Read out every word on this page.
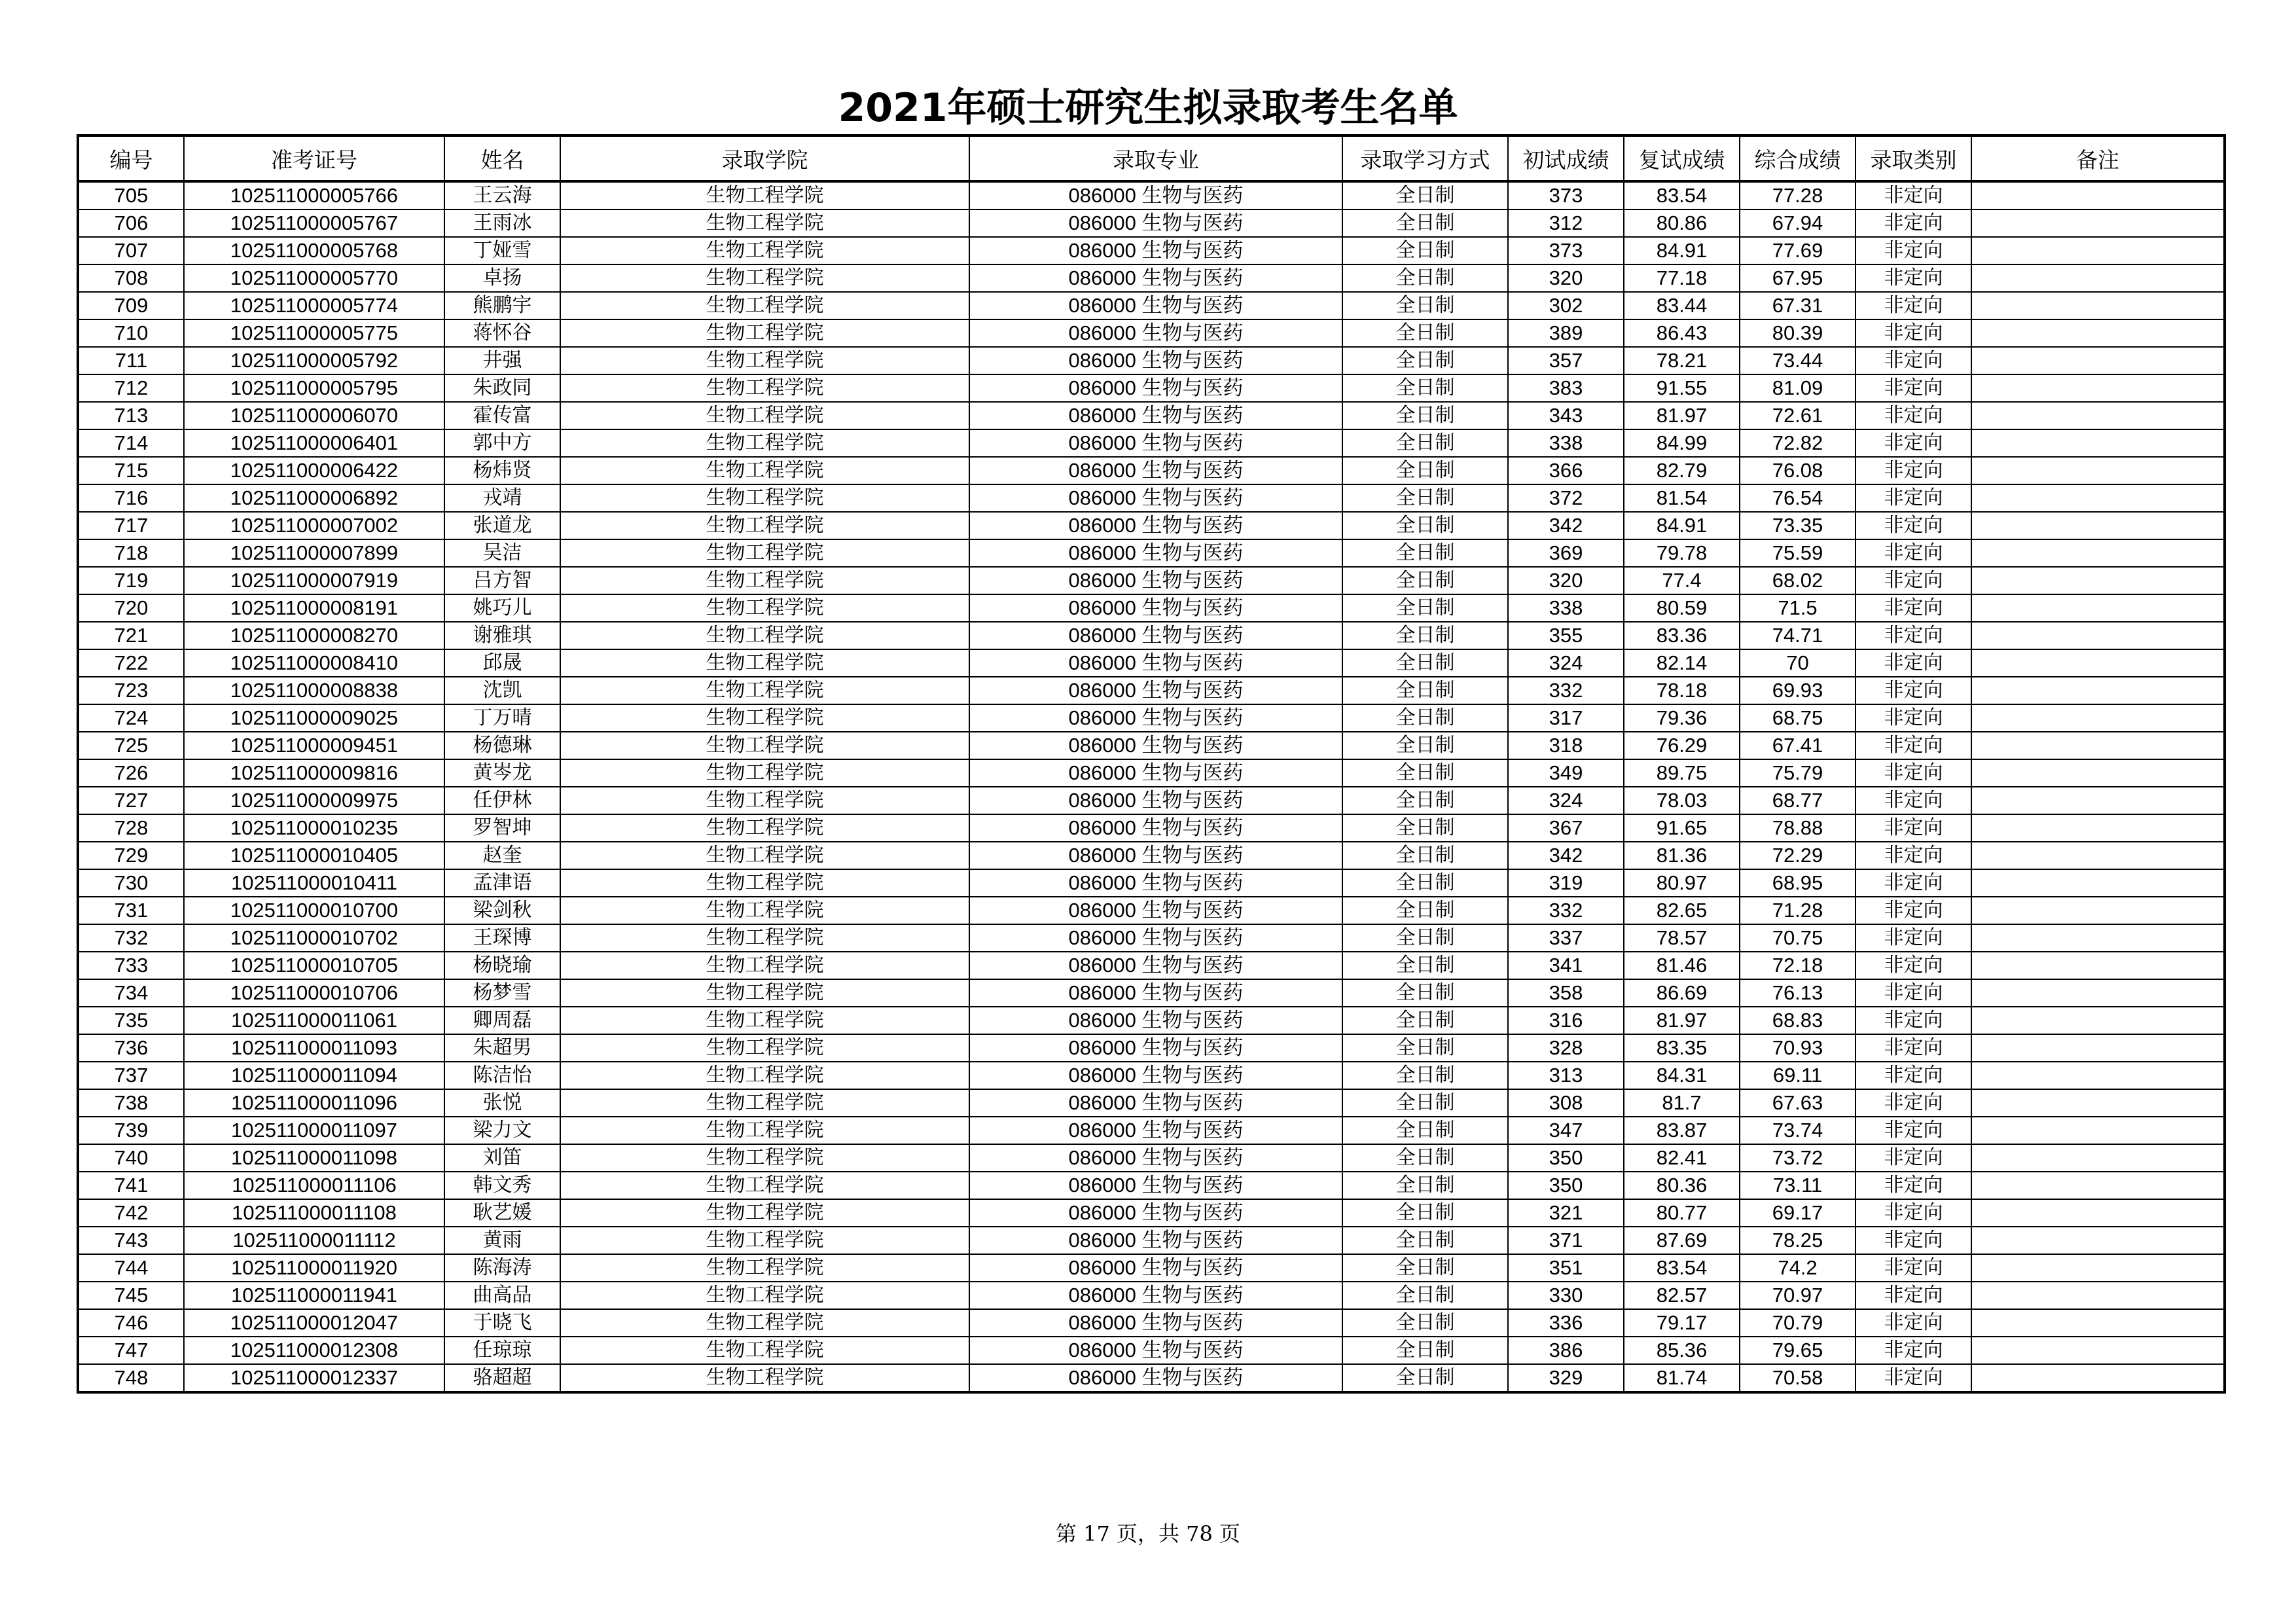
2021年硕士研究生拟录取考生名单
编号	准考证号	姓名	录取学院	录取专业	录取学习方式	初试成绩	复试成绩	综合成绩	录取类别	备注
705	102511000005766	王云海	生物工程学院	086000 生物与医药	全日制	373	83.54	77.28	非定向	
706	102511000005767	王雨冰	生物工程学院	086000 生物与医药	全日制	312	80.86	67.94	非定向	
707	102511000005768	丁娅雪	生物工程学院	086000 生物与医药	全日制	373	84.91	77.69	非定向	
708	102511000005770	卓扬	生物工程学院	086000 生物与医药	全日制	320	77.18	67.95	非定向	
709	102511000005774	熊鹏宇	生物工程学院	086000 生物与医药	全日制	302	83.44	67.31	非定向	
710	102511000005775	蒋怀谷	生物工程学院	086000 生物与医药	全日制	389	86.43	80.39	非定向	
711	102511000005792	井强	生物工程学院	086000 生物与医药	全日制	357	78.21	73.44	非定向	
712	102511000005795	朱政同	生物工程学院	086000 生物与医药	全日制	383	91.55	81.09	非定向	
713	102511000006070	霍传富	生物工程学院	086000 生物与医药	全日制	343	81.97	72.61	非定向	
714	102511000006401	郭中方	生物工程学院	086000 生物与医药	全日制	338	84.99	72.82	非定向	
715	102511000006422	杨炜贤	生物工程学院	086000 生物与医药	全日制	366	82.79	76.08	非定向	
716	102511000006892	戎靖	生物工程学院	086000 生物与医药	全日制	372	81.54	76.54	非定向	
717	102511000007002	张道龙	生物工程学院	086000 生物与医药	全日制	342	84.91	73.35	非定向	
718	102511000007899	吴洁	生物工程学院	086000 生物与医药	全日制	369	79.78	75.59	非定向	
719	102511000007919	吕方智	生物工程学院	086000 生物与医药	全日制	320	77.4	68.02	非定向	
720	102511000008191	姚巧儿	生物工程学院	086000 生物与医药	全日制	338	80.59	71.5	非定向	
721	102511000008270	谢雅琪	生物工程学院	086000 生物与医药	全日制	355	83.36	74.71	非定向	
722	102511000008410	邱晟	生物工程学院	086000 生物与医药	全日制	324	82.14	70	非定向	
723	102511000008838	沈凯	生物工程学院	086000 生物与医药	全日制	332	78.18	69.93	非定向	
724	102511000009025	丁万晴	生物工程学院	086000 生物与医药	全日制	317	79.36	68.75	非定向	
725	102511000009451	杨德琳	生物工程学院	086000 生物与医药	全日制	318	76.29	67.41	非定向	
726	102511000009816	黄岑龙	生物工程学院	086000 生物与医药	全日制	349	89.75	75.79	非定向	
727	102511000009975	任伊林	生物工程学院	086000 生物与医药	全日制	324	78.03	68.77	非定向	
728	102511000010235	罗智坤	生物工程学院	086000 生物与医药	全日制	367	91.65	78.88	非定向	
729	102511000010405	赵奎	生物工程学院	086000 生物与医药	全日制	342	81.36	72.29	非定向	
730	102511000010411	孟津语	生物工程学院	086000 生物与医药	全日制	319	80.97	68.95	非定向	
731	102511000010700	梁剑秋	生物工程学院	086000 生物与医药	全日制	332	82.65	71.28	非定向	
732	102511000010702	王琛博	生物工程学院	086000 生物与医药	全日制	337	78.57	70.75	非定向	
733	102511000010705	杨晓瑜	生物工程学院	086000 生物与医药	全日制	341	81.46	72.18	非定向	
734	102511000010706	杨梦雪	生物工程学院	086000 生物与医药	全日制	358	86.69	76.13	非定向	
735	102511000011061	卿周磊	生物工程学院	086000 生物与医药	全日制	316	81.97	68.83	非定向	
736	102511000011093	朱超男	生物工程学院	086000 生物与医药	全日制	328	83.35	70.93	非定向	
737	102511000011094	陈洁怡	生物工程学院	086000 生物与医药	全日制	313	84.31	69.11	非定向	
738	102511000011096	张悦	生物工程学院	086000 生物与医药	全日制	308	81.7	67.63	非定向	
739	102511000011097	梁力文	生物工程学院	086000 生物与医药	全日制	347	83.87	73.74	非定向	
740	102511000011098	刘笛	生物工程学院	086000 生物与医药	全日制	350	82.41	73.72	非定向	
741	102511000011106	韩文秀	生物工程学院	086000 生物与医药	全日制	350	80.36	73.11	非定向	
742	102511000011108	耿艺媛	生物工程学院	086000 生物与医药	全日制	321	80.77	69.17	非定向	
743	102511000011112	黄雨	生物工程学院	086000 生物与医药	全日制	371	87.69	78.25	非定向	
744	102511000011920	陈海涛	生物工程学院	086000 生物与医药	全日制	351	83.54	74.2	非定向	
745	102511000011941	曲高品	生物工程学院	086000 生物与医药	全日制	330	82.57	70.97	非定向	
746	102511000012047	于晓飞	生物工程学院	086000 生物与医药	全日制	336	79.17	70.79	非定向	
747	102511000012308	任琼琼	生物工程学院	086000 生物与医药	全日制	386	85.36	79.65	非定向	
748	102511000012337	骆超超	生物工程学院	086000 生物与医药	全日制	329	81.74	70.58	非定向	
第 17 页，共 78 页
